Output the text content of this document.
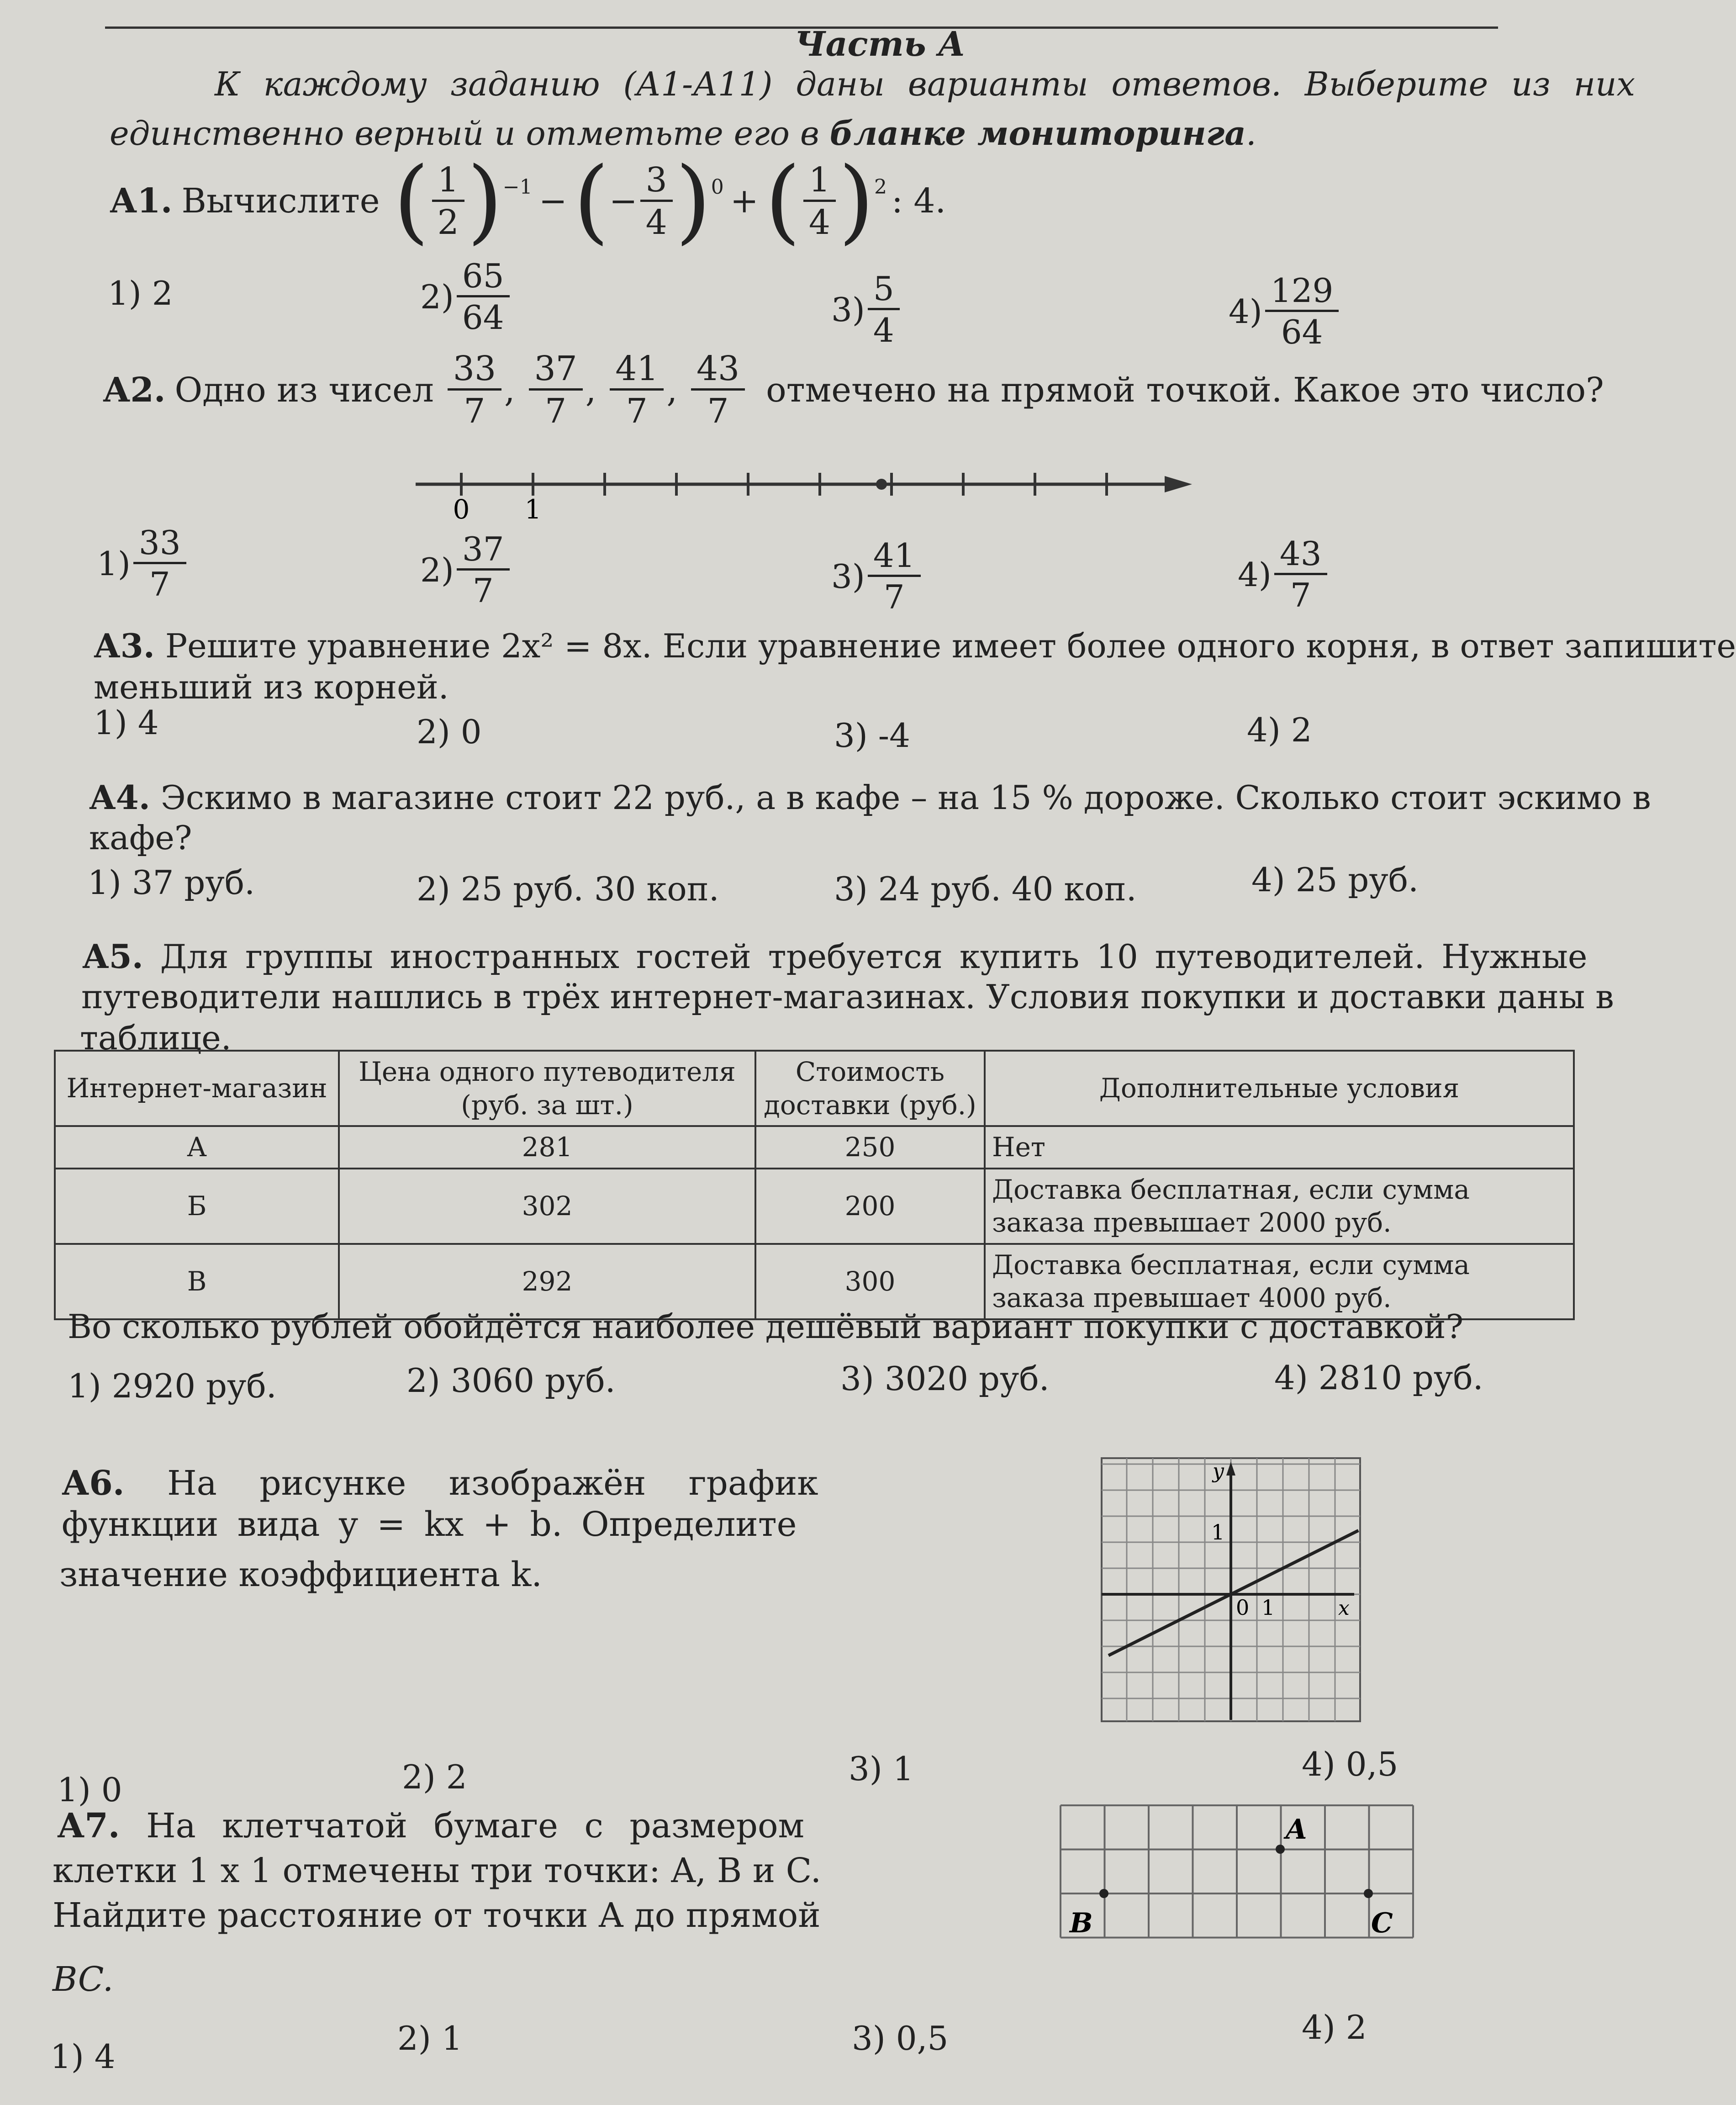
Часть А
К каждому заданию (А1-А11) даны варианты ответов. Выберите из них
единственно верный и отметьте его в бланке мониторинга.
А1. Вычислите ( $\frac{1}{2}$ ) −1 − ( − $\frac{3}{4}$ ) 0 + ( $\frac{1}{4}$ ) 2 : 4.
1) 2	$2) \frac{65}{64}$	$3) \frac{5}{4}$	$4) \frac{129}{64}$
А2. Одно из чисел $\frac{33}{7}$ , $\frac{37}{7}$ , $\frac{41}{7}$ , $\frac{43}{7}$ отмечено на прямой точкой. Какое это число?
0 1
$1) \frac{33}{7}$	$2) \frac{37}{7}$	$3) \frac{41}{7}$	$4) \frac{43}{7}$
А3. Решите уравнение 2x² = 8x. Если уравнение имеет более одного корня, в ответ запишите
меньший из корней.
1) 4	2) 0	3) -4	4) 2
А4. Эскимо в магазине стоит 22 руб., а в кафе – на 15 % дороже. Сколько стоит эскимо в
кафе?
1) 37 руб.	2) 25 руб. 30 коп.	3) 24 руб. 40 коп.	4) 25 руб.
А5. Для группы иностранных гостей требуется купить 10 путеводителей. Нужные
путеводители нашлись в трёх интернет-магазинах. Условия покупки и доставки даны в
таблице.
Интернет-магазин	Цена одного путеводителя (руб. за шт.)	Стоимость доставки (руб.)	Дополнительные условия
А	281	250	Нет
Б	302	200	Доставка бесплатная, если сумма заказа превышает 2000 руб.
В	292	300	Доставка бесплатная, если сумма заказа превышает 4000 руб.
Во сколько рублей обойдётся наиболее дешёвый вариант покупки с доставкой?
1) 2920 руб.	2) 3060 руб.	3) 3020 руб.	4) 2810 руб.
А6. На рисунке изображён график
функции вида y = kx + b. Определите
значение коэффициента k.
y
x
0 1
1
1) 0	2) 2	3) 1	4) 0,5
А7. На клетчатой бумаге с размером
клетки 1 х 1 отмечены три точки: A, B и C.
Найдите расстояние от точки A до прямой
BC.
A
B	C
1) 4	2) 1	3) 0,5	4) 2
